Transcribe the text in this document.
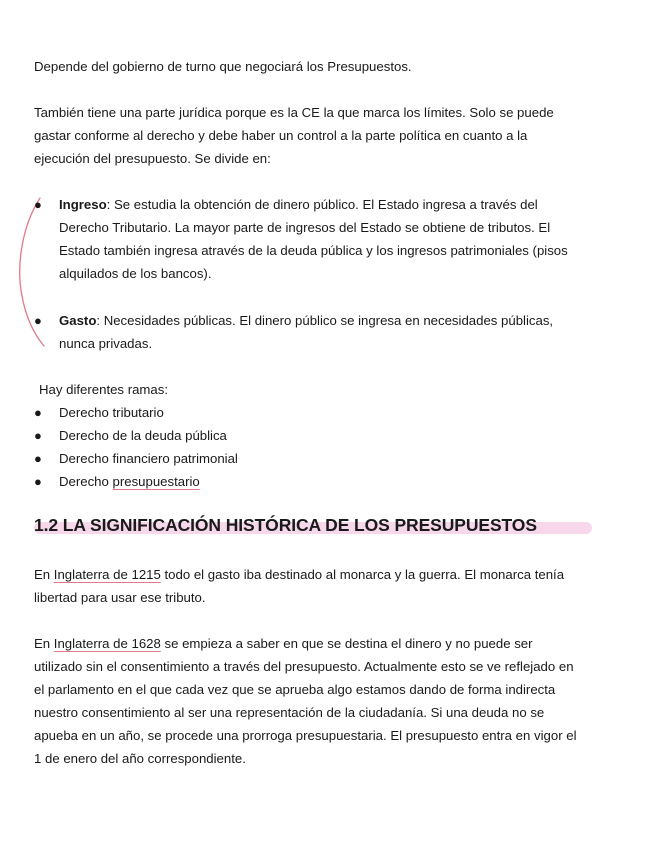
Depende del gobierno de turno que negociará los Presupuestos.

También tiene una parte jurídica porque es la CE la que marca los límites. Solo se puede

gastar conforme al derecho y debe haber un control a la parte política en cuanto a la

ejecución del presupuesto. Se divide en:

● Ingreso: Se estudia la obtención de dinero público. El Estado ingresa a través del

Derecho Tributario. La mayor parte de ingresos del Estado se obtiene de tributos. El

Estado también ingresa através de la deuda pública y los ingresos patrimoniales (pisos

alquilados de los bancos).

● Gasto: Necesidades públicas. El dinero público se ingresa en necesidades públicas,

nunca privadas.

Hay diferentes ramas:

● Derecho tributario

● Derecho de la deuda pública

● Derecho financiero patrimonial

● Derecho presupuestario

1.2 LA SIGNIFICACIÓN HISTÓRICA DE LOS PRESUPUESTOS

En Inglaterra de 1215 todo el gasto iba destinado al monarca y la guerra. El monarca tenía

libertad para usar ese tributo.

En Inglaterra de 1628 se empieza a saber en que se destina el dinero y no puede ser

utilizado sin el consentimiento a través del presupuesto. Actualmente esto se ve reflejado en

el parlamento en el que cada vez que se aprueba algo estamos dando de forma indirecta

nuestro consentimiento al ser una representación de la ciudadanía. Si una deuda no se

apueba en un año, se procede una prorroga presupuestaria. El presupuesto entra en vigor el

1 de enero del año correspondiente.
